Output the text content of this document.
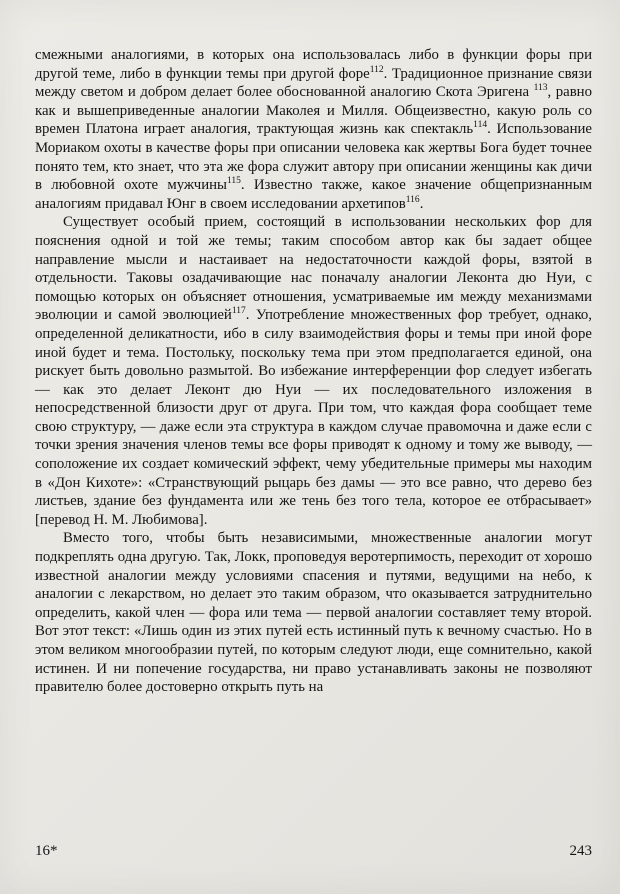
смежными аналогиями, в которых она использовалась либо в функции форы при другой теме, либо в функции темы при другой форе$^{112}$. Традиционное признание связи между светом и добром делает более обоснованной аналогию Скота Эригена $^{113}$, равно как и вышеприведенные аналогии Маколея и Милля. Общеизвестно, какую роль со времен Платона играет аналогия, трактующая жизнь как спектакль$^{114}$. Использование Мориаком охоты в качестве форы при описании человека как жертвы Бога будет точнее понято тем, кто знает, что эта же фора служит автору при описании женщины как дичи в любовной охоте мужчины$^{115}$. Известно также, какое значение общепризнанным аналогиям придавал Юнг в своем исследовании архетипов$^{116}$.

Существует особый прием, состоящий в использовании нескольких фор для пояснения одной и той же темы; таким способом автор как бы задает общее направление мысли и настаивает на недостаточности каждой форы, взятой в отдельности. Таковы озадачивающие нас поначалу аналогии Леконта дю Нуи, с помощью которых он объясняет отношения, усматриваемые им между механизмами эволюции и самой эволюцией$^{117}$. Употребление множественных фор требует, однако, определенной деликатности, ибо в силу взаимодействия форы и темы при иной форе иной будет и тема. Постольку, поскольку тема при этом предполагается единой, она рискует быть довольно размытой. Во избежание интерференции фор следует избегать — как это делает Леконт дю Нуи — их последовательного изложения в непосредственной близости друг от друга. При том, что каждая фора сообщает теме свою структуру, — даже если эта структура в каждом случае правомочна и даже если с точки зрения значения членов темы все форы приводят к одному и тому же выводу, — соположение их создает комический эффект, чему убедительные примеры мы находим в «Дон Кихоте»: «Странствующий рыцарь без дамы — это все равно, что дерево без листьев, здание без фундамента или же тень без того тела, которое ее отбрасывает» [перевод Н. М. Любимова].

Вместо того, чтобы быть независимыми, множественные аналогии могут подкреплять одна другую. Так, Локк, проповедуя веротерпимость, переходит от хорошо известной аналогии между условиями спасения и путями, ведущими на небо, к аналогии с лекарством, но делает это таким образом, что оказывается затруднительно определить, какой член — фора или тема — первой аналогии составляет тему второй. Вот этот текст: «Лишь один из этих путей есть истинный путь к вечному счастью. Но в этом великом многообразии путей, по которым следуют люди, еще сомнительно, какой истинен. И ни попечение государства, ни право устанавливать законы не позволяют правителю более достоверно открыть путь на

16*	243
